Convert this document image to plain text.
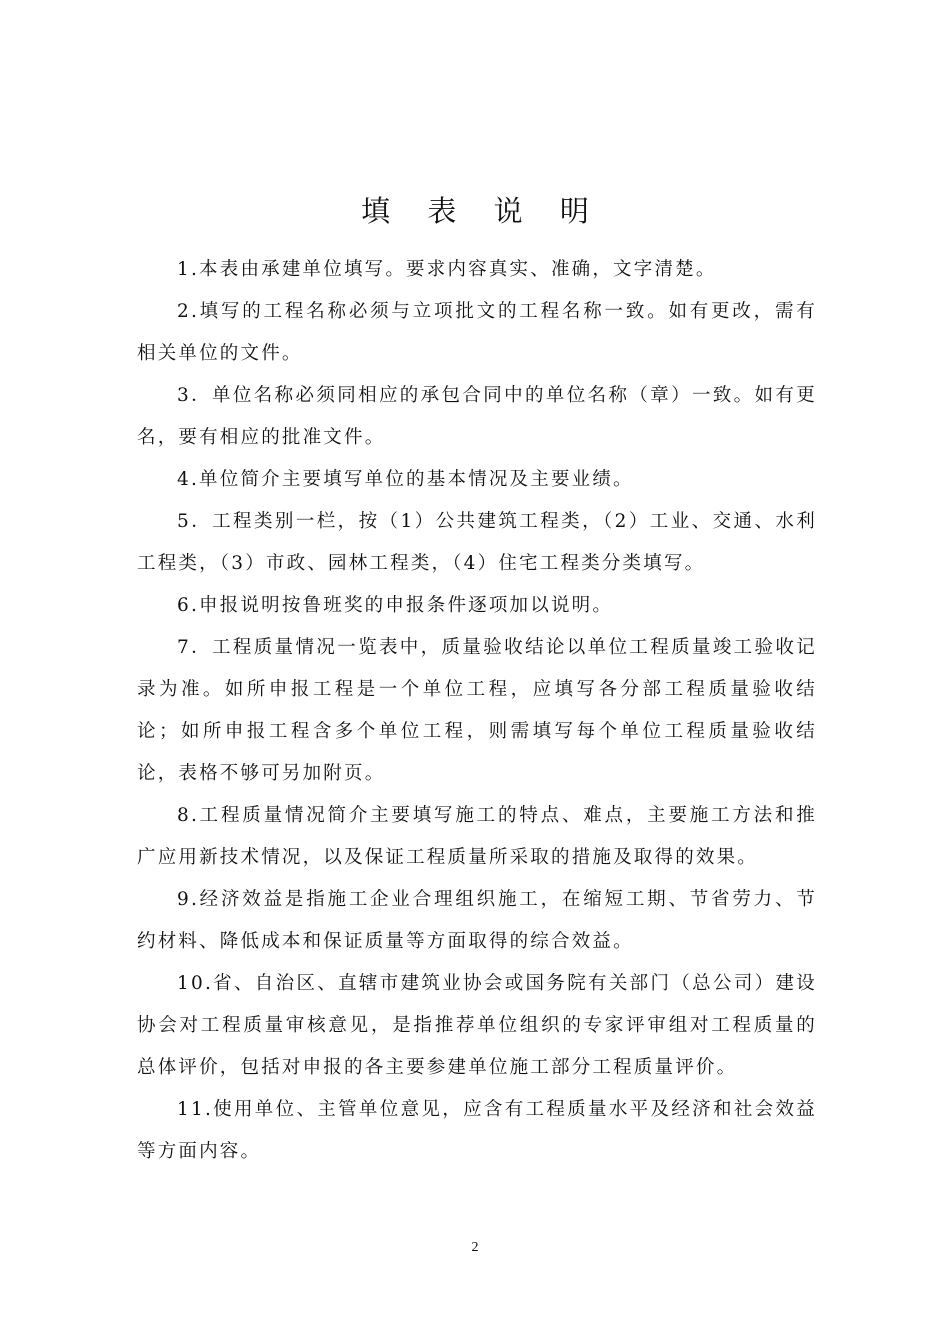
填 表 说 明

1.本表由承建单位填写。要求内容真实、准确，文字清楚。

2.填写的工程名称必须与立项批文的工程名称一致。如有更改，需有相关单位的文件。

3．单位名称必须同相应的承包合同中的单位名称（章）一致。如有更名，要有相应的批准文件。

4.单位简介主要填写单位的基本情况及主要业绩。

5．工程类别一栏，按（1）公共建筑工程类，（2）工业、交通、水利工程类，（3）市政、园林工程类，（4）住宅工程类分类填写。

6.申报说明按鲁班奖的申报条件逐项加以说明。

7．工程质量情况一览表中，质量验收结论以单位工程质量竣工验收记录为准。如所申报工程是一个单位工程，应填写各分部工程质量验收结论；如所申报工程含多个单位工程，则需填写每个单位工程质量验收结论，表格不够可另加附页。

8.工程质量情况简介主要填写施工的特点、难点，主要施工方法和推广应用新技术情况，以及保证工程质量所采取的措施及取得的效果。

9.经济效益是指施工企业合理组织施工，在缩短工期、节省劳力、节约材料、降低成本和保证质量等方面取得的综合效益。

10.省、自治区、直辖市建筑业协会或国务院有关部门（总公司）建设协会对工程质量审核意见，是指推荐单位组织的专家评审组对工程质量的总体评价，包括对申报的各主要参建单位施工部分工程质量评价。

11.使用单位、主管单位意见，应含有工程质量水平及经济和社会效益等方面内容。

2
